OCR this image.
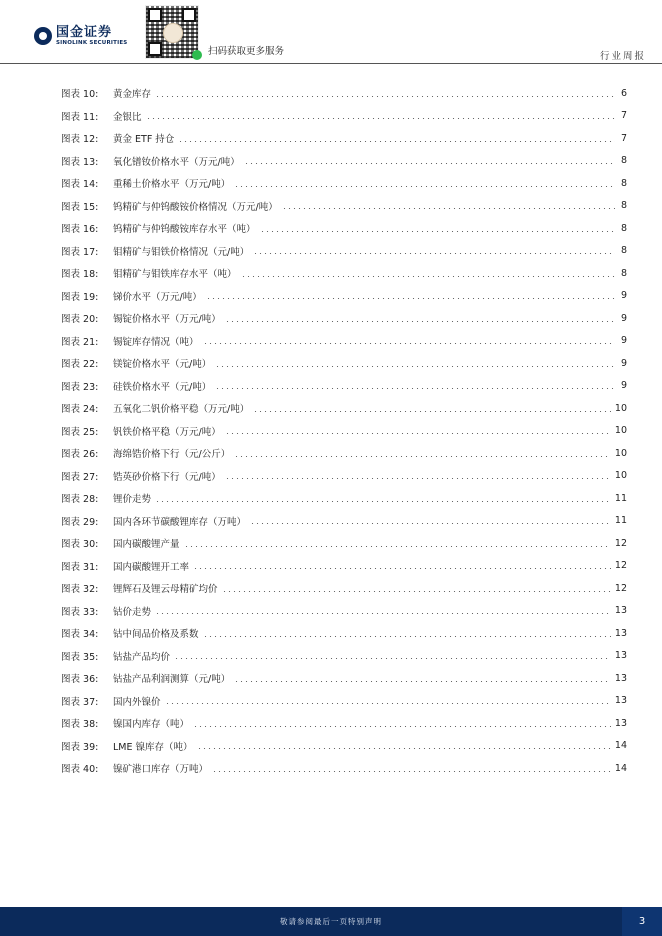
国金证券
SINOLINK SECURITIES
扫码获取更多服务	行业周报
图表 10:	黄金库存	6
图表 11:	金银比	7
图表 12:	黄金 ETF 持仓	7
图表 13:	氧化镨钕价格水平（万元/吨）	8
图表 14:	重稀土价格水平（万元/吨）	8
图表 15:	钨精矿与仲钨酸铵价格情况（万元/吨）	8
图表 16:	钨精矿与仲钨酸铵库存水平（吨）	8
图表 17:	钼精矿与钼铁价格情况（元/吨）	8
图表 18:	钼精矿与钼铁库存水平（吨）	8
图表 19:	锑价水平（万元/吨）	9
图表 20:	锡锭价格水平（万元/吨）	9
图表 21:	锡锭库存情况（吨）	9
图表 22:	镁锭价格水平（元/吨）	9
图表 23:	硅铁价格水平（元/吨）	9
图表 24:	五氧化二钒价格平稳（万元/吨）	10
图表 25:	钒铁价格平稳（万元/吨）	10
图表 26:	海绵锆价格下行（元/公斤）	10
图表 27:	锆英砂价格下行（元/吨）	10
图表 28:	锂价走势	11
图表 29:	国内各环节碳酸锂库存（万吨）	11
图表 30:	国内碳酸锂产量	12
图表 31:	国内碳酸锂开工率	12
图表 32:	锂辉石及锂云母精矿均价	12
图表 33:	钴价走势	13
图表 34:	钴中间品价格及系数	13
图表 35:	钴盐产品均价	13
图表 36:	钴盐产品利润测算（元/吨）	13
图表 37:	国内外镍价	13
图表 38:	镍国内库存（吨）	13
图表 39:	LME 镍库存（吨）	14
图表 40:	镍矿港口库存（万吨）	14
敬请参阅最后一页特别声明	3
